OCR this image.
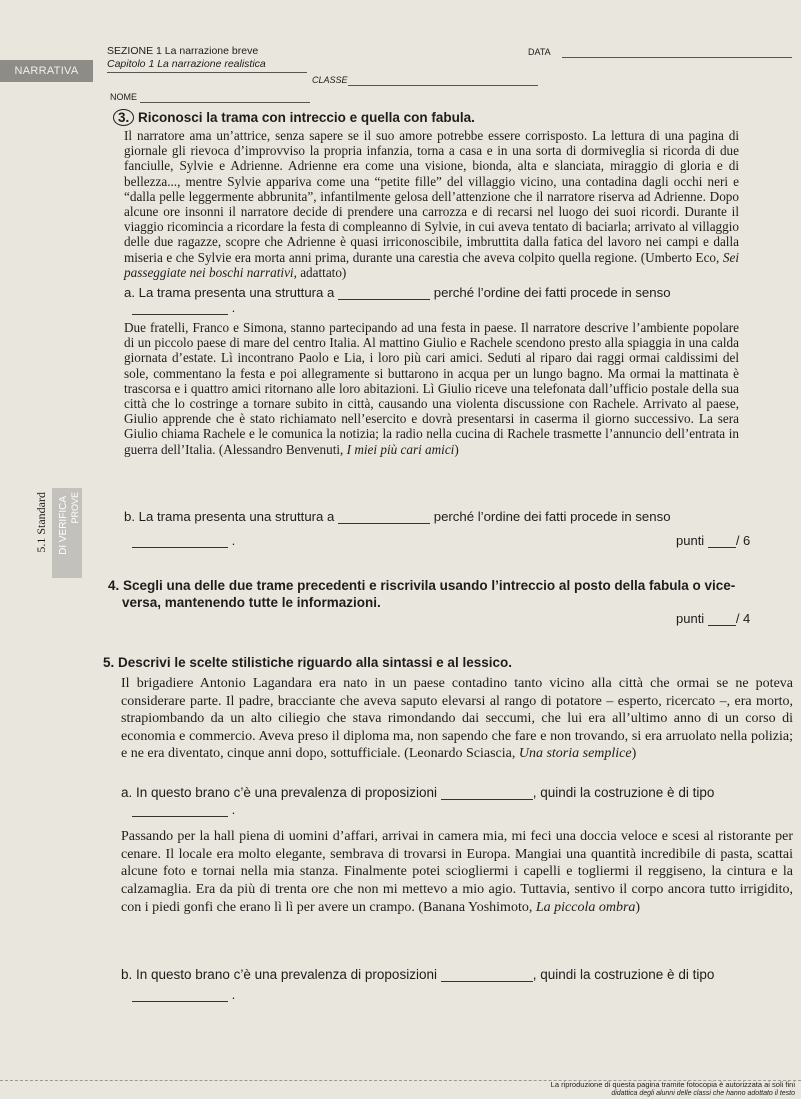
SEZIONE 1 La narrazione breve
Capitolo 1 La narrazione realistica
NARRATIVA
DATA
NOME
CLASSE
PROVE
DI VERIFICA
5.1 Standard
3. Riconosci la trama con intreccio e quella con fabula.
Il narratore ama un’attrice, senza sapere se il suo amore potrebbe essere corrisposto. La lettura di una pagina di giornale gli rievoca d’improvviso la propria infanzia, torna a casa e in una sorta di dormiveglia si ricorda di due fanciulle, Sylvie e Adrienne. Adrienne era come una visione, bionda, alta e slanciata, miraggio di gloria e di bellezza..., mentre Sylvie appariva come una “petite fille” del villaggio vicino, una contadina dagli occhi neri e “dalla pelle leggermente abbrunita”, infantilmente gelosa dell’attenzione che il narratore riserva ad Adrienne. Dopo alcune ore insonni il narratore decide di prendere una carrozza e di recarsi nel luogo dei suoi ricordi. Durante il viaggio ricomincia a ricordare la festa di compleanno di Sylvie, in cui aveva tentato di baciarla; arrivato al villaggio delle due ragazze, scopre che Adrienne è quasi irriconoscibile, imbruttita dalla fatica del lavoro nei campi e dalla miseria e che Sylvie era morta anni prima, durante una carestia che aveva colpito quella regione. (Umberto Eco, Sei passeggiate nei boschi narrativi, adattato)
a. La trama presenta una struttura a	perché l’ordine dei fatti procede in senso
.
Due fratelli, Franco e Simona, stanno partecipando ad una festa in paese. Il narratore descrive l’ambiente popolare di un piccolo paese di mare del centro Italia. Al mattino Giulio e Rachele scendono presto alla spiaggia in una calda giornata d’estate. Lì incontrano Paolo e Lia, i loro più cari amici. Seduti al riparo dai raggi ormai caldissimi del sole, commentano la festa e poi allegramente si buttarono in acqua per un lungo bagno. Ma ormai la mattinata è trascorsa e i quattro amici ritornano alle loro abitazioni. Lì Giulio riceve una telefonata dall’ufficio postale della sua città che lo costringe a tornare subito in città, causando una violenta discussione con Rachele. Arrivato al paese, Giulio apprende che è stato richiamato nell’esercito e dovrà presentarsi in caserma il giorno successivo. La sera Giulio chiama Rachele e le comunica la notizia; la radio nella cucina di Rachele trasmette l’annuncio dell’entrata in guerra dell’Italia. (Alessandro Benvenuti, I miei più cari amici)
b. La trama presenta una struttura a	perché l’ordine dei fatti procede in senso
.	punti / 6
4. Scegli una delle due trame precedenti e riscrivila usando l’intreccio al posto della fabula o vice-
versa, mantenendo tutte le informazioni.
punti / 4
5. Descrivi le scelte stilistiche riguardo alla sintassi e al lessico.
Il brigadiere Antonio Lagandara era nato in un paese contadino tanto vicino alla città che ormai se ne poteva considerare parte. Il padre, bracciante che aveva saputo elevarsi al rango di potatore – esperto, ricercato –, era morto, strapiombando da un alto ciliegio che stava rimondando dai seccumi, che lui era all’ultimo anno di un corso di economia e commercio. Aveva preso il diploma ma, non sapendo che fare e non trovando, si era arruolato nella polizia; e ne era diventato, cinque anni dopo, sottufficiale. (Leonardo Sciascia, Una storia semplice)
a. In questo brano c’è una prevalenza di proposizioni	, quindi la costruzione è di tipo
.
Passando per la hall piena di uomini d’affari, arrivai in camera mia, mi feci una doccia veloce e scesi al ristorante per cenare. Il locale era molto elegante, sembrava di trovarsi in Europa. Mangiai una quantità incredibile di pasta, scattai alcune foto e tornai nella mia stanza. Finalmente potei sciogliermi i capelli e togliermi il reggiseno, la cintura e la calzamaglia. Era da più di trenta ore che non mi mettevo a mio agio. Tuttavia, sentivo il corpo ancora tutto irrigidito, con i piedi gonfi che erano lì lì per avere un crampo. (Banana Yoshimoto, La piccola ombra)
b. In questo brano c’è una prevalenza di proposizioni	, quindi la costruzione è di tipo
.
La riproduzione di questa pagina tramite fotocopia è autorizzata ai soli fini
didattica degli alunni delle classi che hanno adottato il testo
